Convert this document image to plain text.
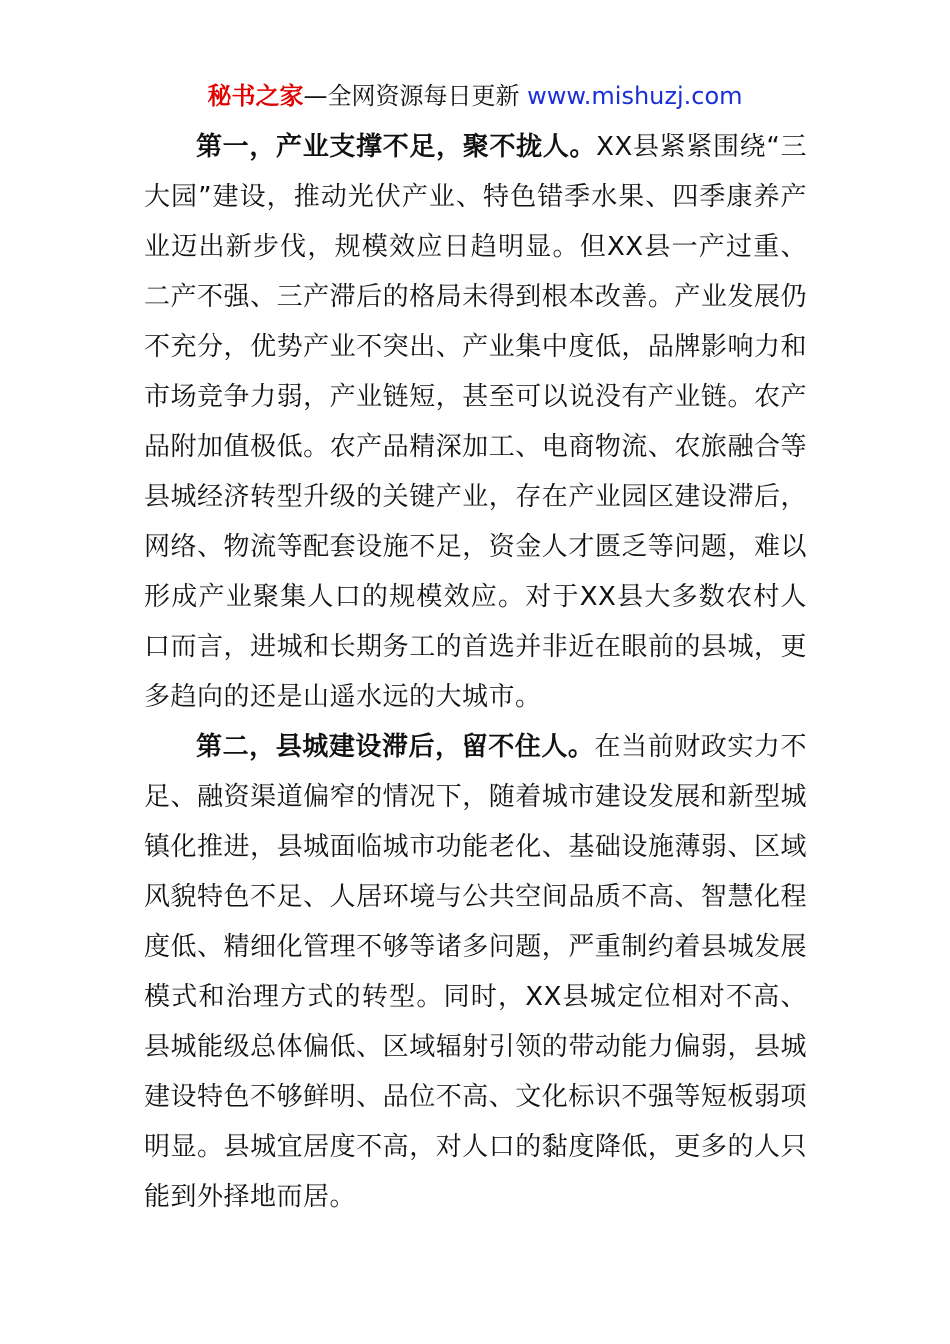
秘书之家—全网资源每日更新 www.mishuzj.com

第一，产业支撑不足，聚不拢人。XX县紧紧围绕“三大园”建设，推动光伏产业、特色错季水果、四季康养产业迈出新步伐，规模效应日趋明显。但XX县一产过重、二产不强、三产滞后的格局未得到根本改善。产业发展仍不充分，优势产业不突出、产业集中度低，品牌影响力和市场竞争力弱，产业链短，甚至可以说没有产业链。农产品附加值极低。农产品精深加工、电商物流、农旅融合等县城经济转型升级的关键产业，存在产业园区建设滞后，网络、物流等配套设施不足，资金人才匮乏等问题，难以形成产业聚集人口的规模效应。对于XX县大多数农村人口而言，进城和长期务工的首选并非近在眼前的县城，更多趋向的还是山遥水远的大城市。

第二，县城建设滞后，留不住人。在当前财政实力不足、融资渠道偏窄的情况下，随着城市建设发展和新型城镇化推进，县城面临城市功能老化、基础设施薄弱、区域风貌特色不足、人居环境与公共空间品质不高、智慧化程度低、精细化管理不够等诸多问题，严重制约着县城发展模式和治理方式的转型。同时，XX县城定位相对不高、县城能级总体偏低、区域辐射引领的带动能力偏弱，县城建设特色不够鲜明、品位不高、文化标识不强等短板弱项明显。县城宜居度不高，对人口的黏度降低，更多的人只能到外择地而居。
